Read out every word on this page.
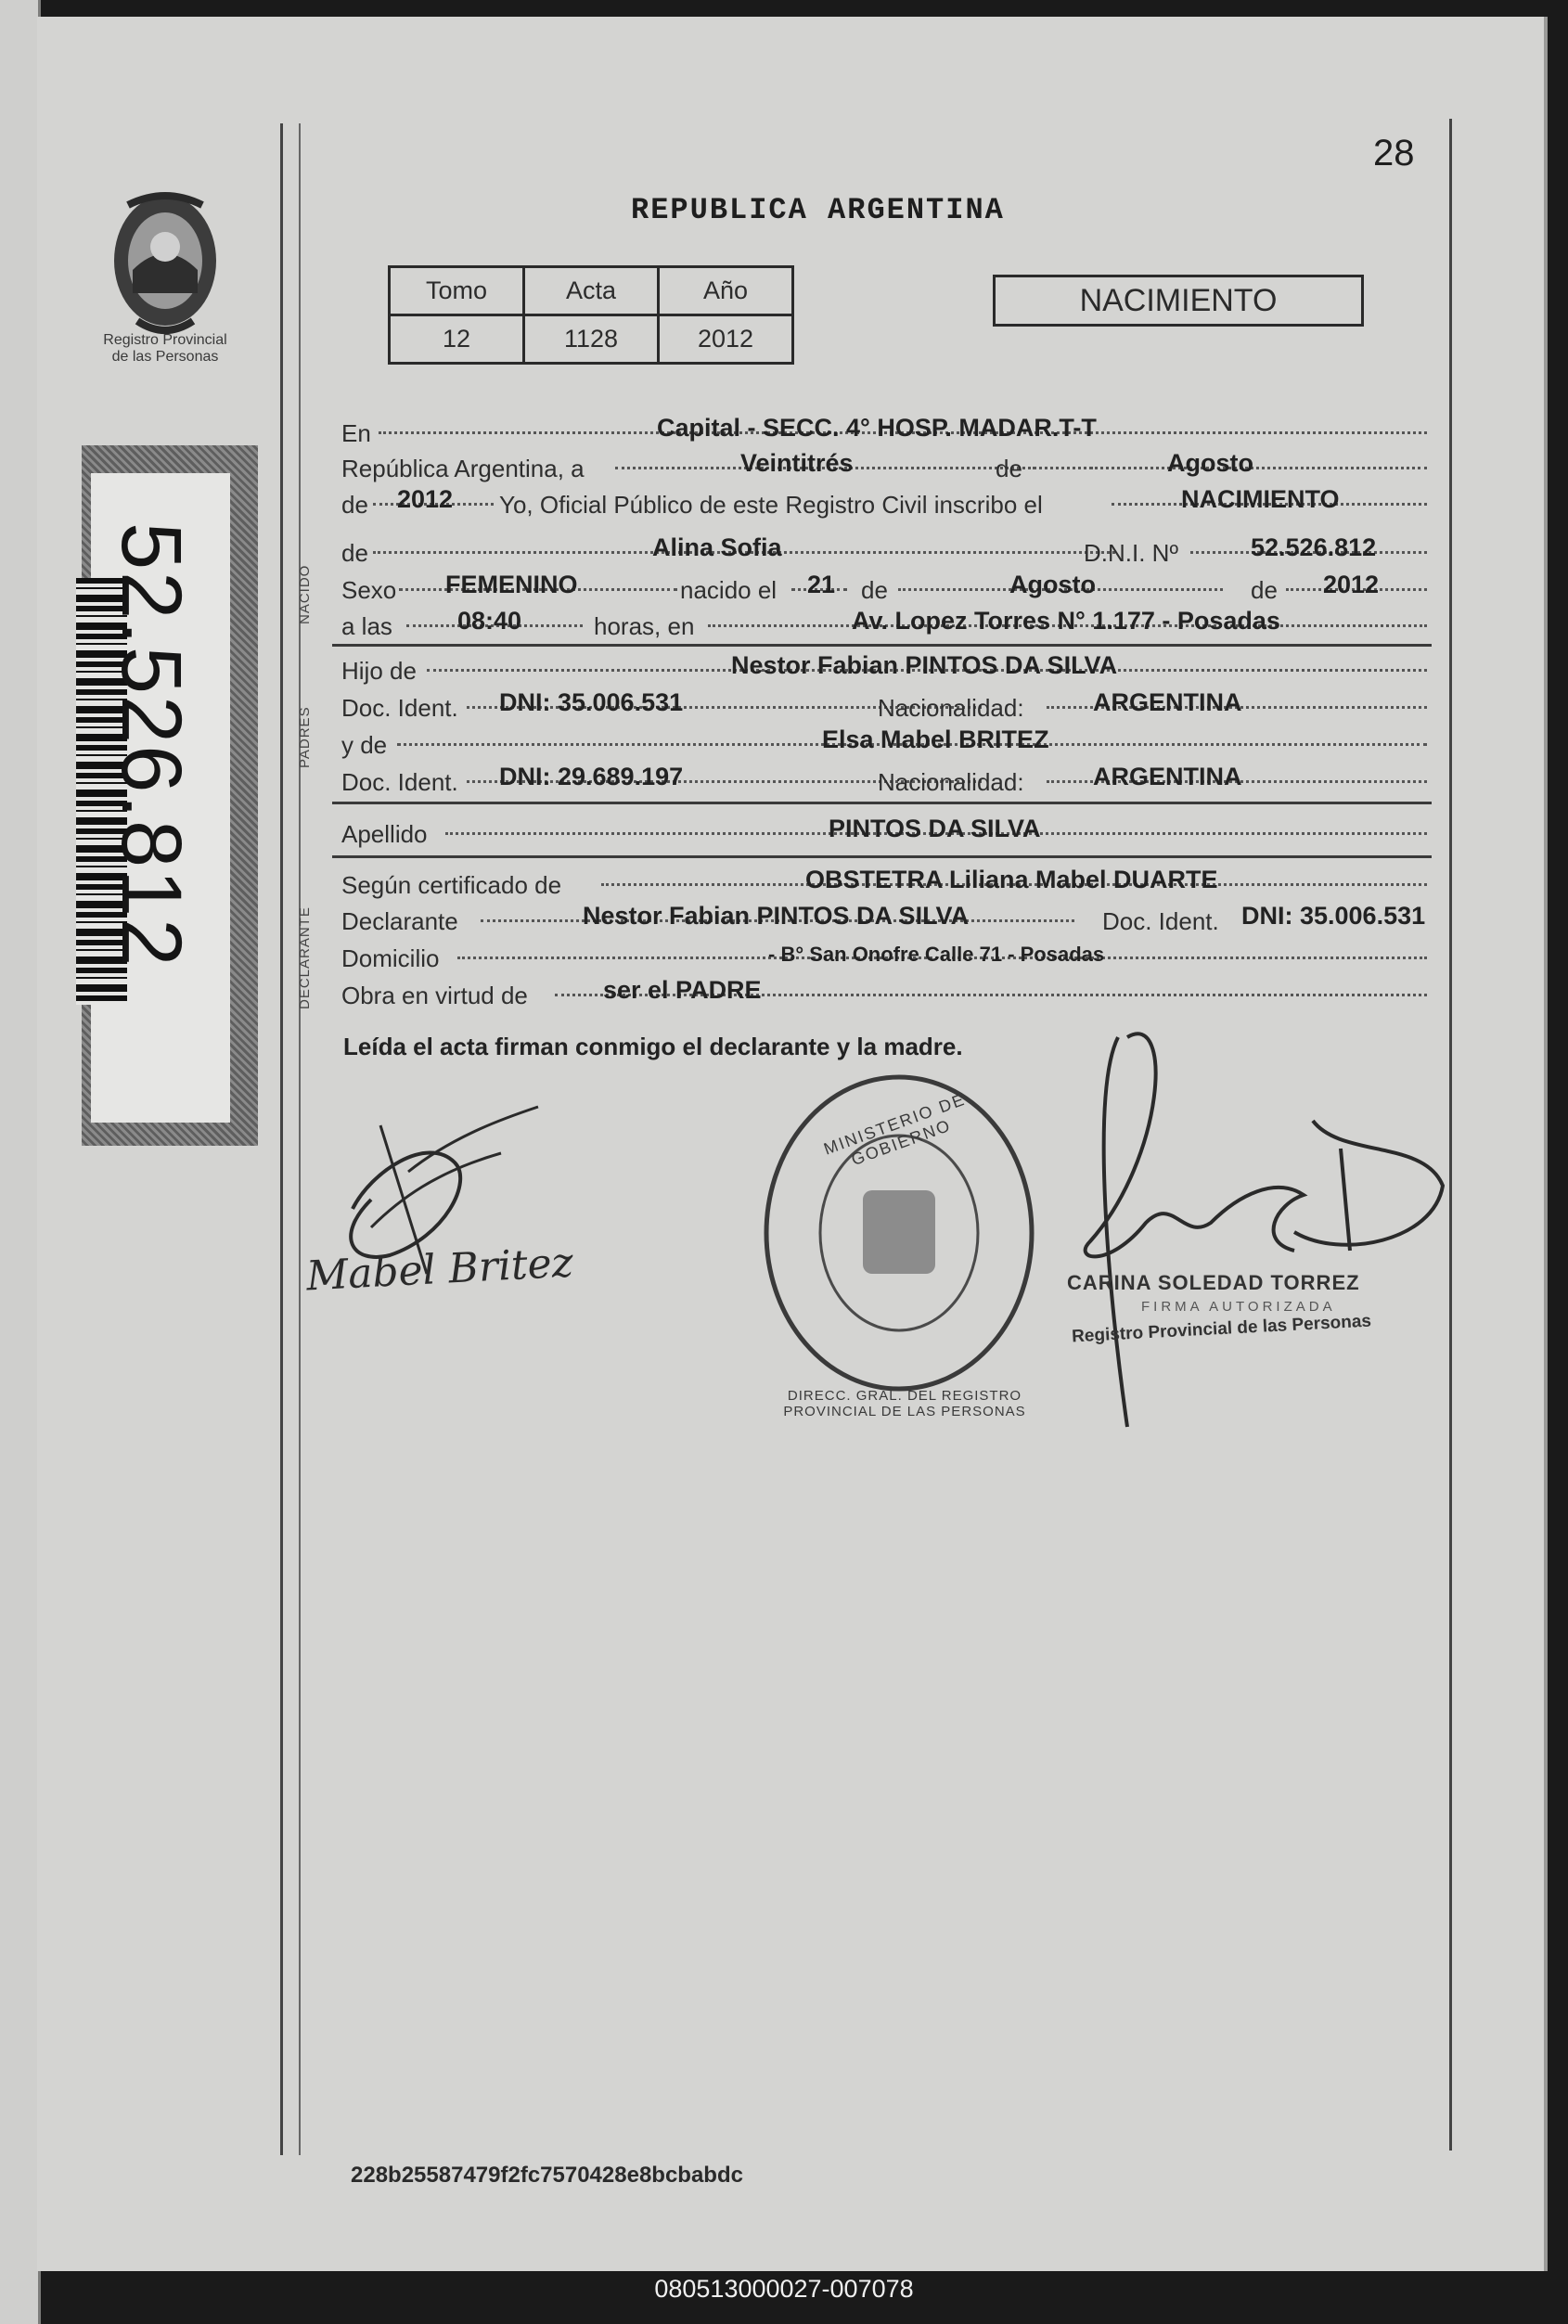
28
REPUBLICA ARGENTINA
Registro Provincial
de las Personas
52.526.812
Tomo	Acta	Año
12	1128	2012
NACIMIENTO
En	Capital - SECC. 4° HOSP. MADAR.T-T
República Argentina, a	Veintitrés	de	Agosto
de 2012 Yo, Oficial Público de este Registro Civil inscribo el	NACIMIENTO
NACIDO
de	Alina Sofia	D.N.I. Nº	52.526.812
Sexo FEMENINO	nacido el 21 de	Agosto	de 2012
a las	08:40	horas, en	Av. Lopez Torres N° 1.177 - Posadas
PADRES
Hijo de	Nestor Fabian PINTOS DA SILVA
Doc. Ident. DNI: 35.006.531	Nacionalidad:	ARGENTINA
y de	Elsa Mabel BRITEZ
Doc. Ident. DNI: 29.689.197	Nacionalidad:	ARGENTINA
Apellido	PINTOS DA SILVA
DECLARANTE
Según certificado de	OBSTETRA Liliana Mabel DUARTE
Declarante	Nestor Fabian PINTOS DA SILVA	Doc. Ident. DNI: 35.006.531
Domicilio	- B° San Onofre Calle 71 - Posadas
Obra en virtud de	ser el PADRE
Leída el acta firman conmigo el declarante y la madre.
Mabel Britez
MINISTERIO DE GOBIERNO
DIRECC. GRAL. DEL REGISTRO PROVINCIAL DE LAS PERSONAS
CARINA SOLEDAD TORREZ
FIRMA AUTORIZADA
Registro Provincial de las Personas
228b25587479f2fc7570428e8bcbabdc
080513000027-007078
